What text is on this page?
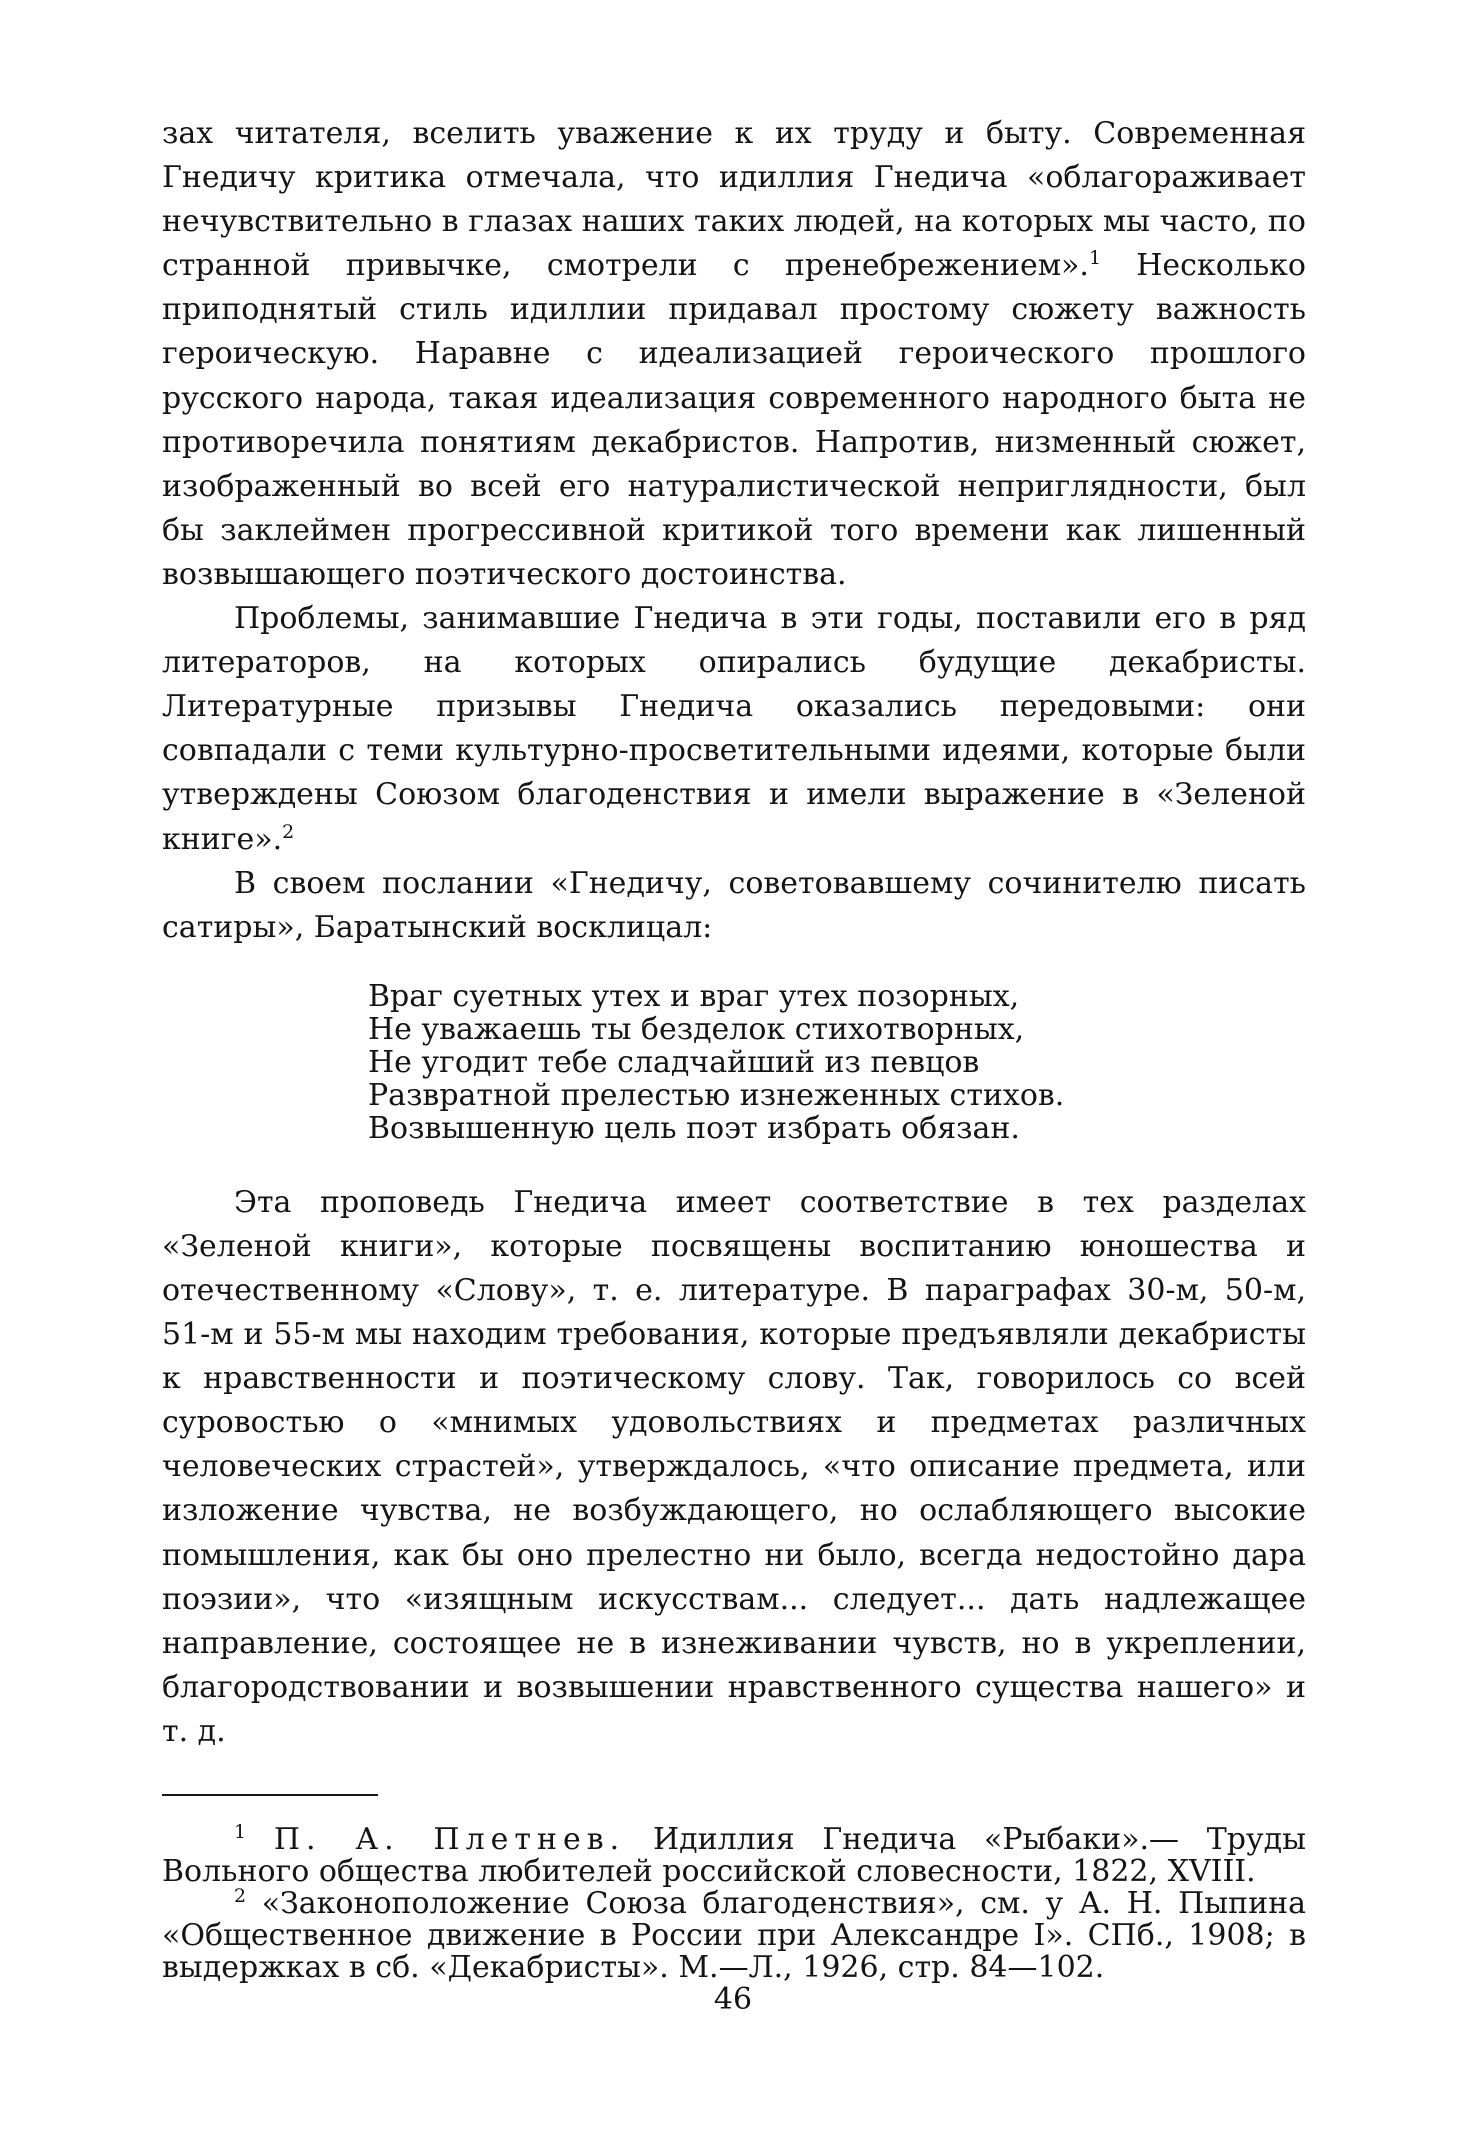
зах читателя, вселить уважение к их труду и быту. Современная Гнедичу критика отмечала, что идиллия Гнедича «облагораживает нечувствительно в глазах наших таких людей, на которых мы часто, по странной привычке, смотрели с пренебрежением».$^1$ Несколько приподнятый стиль идиллии придавал простому сюжету важность героическую. Наравне с идеализацией героического прошлого русского народа, такая идеализация современного народного быта не противоречила понятиям декабристов. Напротив, низменный сюжет, изображенный во всей его натуралистической неприглядности, был бы заклеймен прогрессивной критикой того времени как лишенный возвышающего поэтического достоинства.

Проблемы, занимавшие Гнедича в эти годы, поставили его в ряд литераторов, на которых опирались будущие декабристы. Литературные призывы Гнедича оказались передовыми: они совпадали с теми культурно-просветительными идеями, которые были утверждены Союзом благоденствия и имели выражение в «Зеленой книге».$^2$

В своем послании «Гнедичу, советовавшему сочинителю писать сатиры», Баратынский восклицал:

Враг суетных утех и враг утех позорных,
Не уважаешь ты безделок стихотворных,
Не угодит тебе сладчайший из певцов
Развратной прелестью изнеженных стихов.
Возвышенную цель поэт избрать обязан.

Эта проповедь Гнедича имеет соответствие в тех разделах «Зеленой книги», которые посвящены воспитанию юношества и отечественному «Слову», т. е. литературе. В параграфах 30-м, 50-м, 51-м и 55-м мы находим требования, которые предъявляли декабристы к нравственности и поэтическому слову. Так, говорилось со всей суровостью о «мнимых удовольствиях и предметах различных человеческих страстей», утверждалось, «что описание предмета, или изложение чувства, не возбуждающего, но ослабляющего высокие помышления, как бы оно прелестно ни было, всегда недостойно дара поэзии», что «изящным искусствам... следует... дать надлежащее направление, состоящее не в изнеживании чувств, но в укреплении, благородствовании и возвышении нравственного существа нашего» и т. д.

$^1$ П. А. Плетнев. Идиллия Гнедича «Рыбаки».— Труды Вольного общества любителей российской словесности, 1822, XVIII.

$^2$ «Законоположение Союза благоденствия», см. у А. Н. Пыпина «Общественное движение в России при Александре I». СПб., 1908; в выдержках в сб. «Декабристы». М.—Л., 1926, стр. 84—102.

46
